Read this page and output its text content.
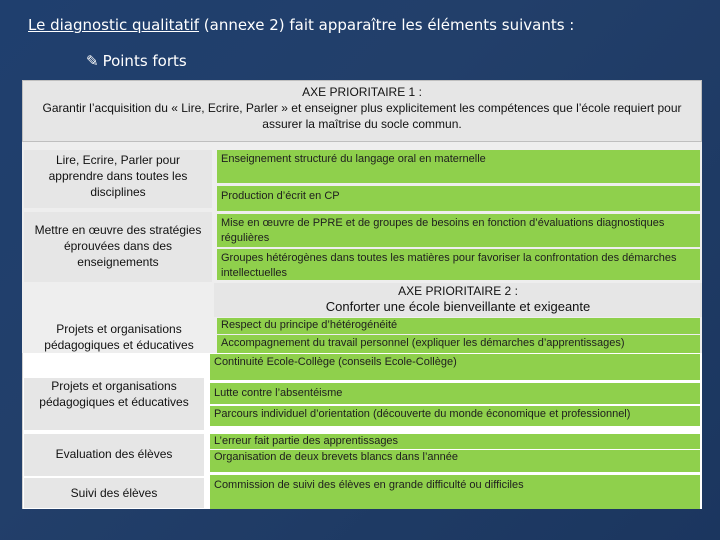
Le diagnostic qualitatif (annexe 2) fait apparaître les éléments suivants :
✎ Points forts
AXE PRIORITAIRE 1 :
Garantir l’acquisition du « Lire, Ecrire, Parler » et enseigner plus explicitement les compétences que l’école requiert pour assurer la maîtrise du socle commun.
Lire, Ecrire, Parler pour apprendre dans toutes les disciplines
Mettre en œuvre des stratégies éprouvées dans des enseignements
Enseignement structuré du langage oral en maternelle
Production d’écrit en CP
Mise en œuvre de PPRE et de groupes de besoins en fonction d’évaluations diagnostiques régulières
Groupes hétérogènes dans toutes les matières pour favoriser la confrontation des démarches intellectuelles
AXE PRIORITAIRE 2 :
Conforter une école bienveillante et exigeante
Projets et organisations pédagogiques et éducatives
Respect du principe d’hétérogénéité
Accompagnement du travail personnel (expliquer les démarches d’apprentissages)
Continuité Ecole-Collège (conseils Ecole-Collège)
Projets et organisations pédagogiques et éducatives
Lutte contre l’absentéisme
Parcours individuel d’orientation (découverte du monde économique et professionnel)
Evaluation des élèves
L’erreur fait partie des apprentissages
Organisation de deux brevets blancs dans l’année
Suivi des élèves
Commission de suivi des élèves en grande difficulté ou difficiles
